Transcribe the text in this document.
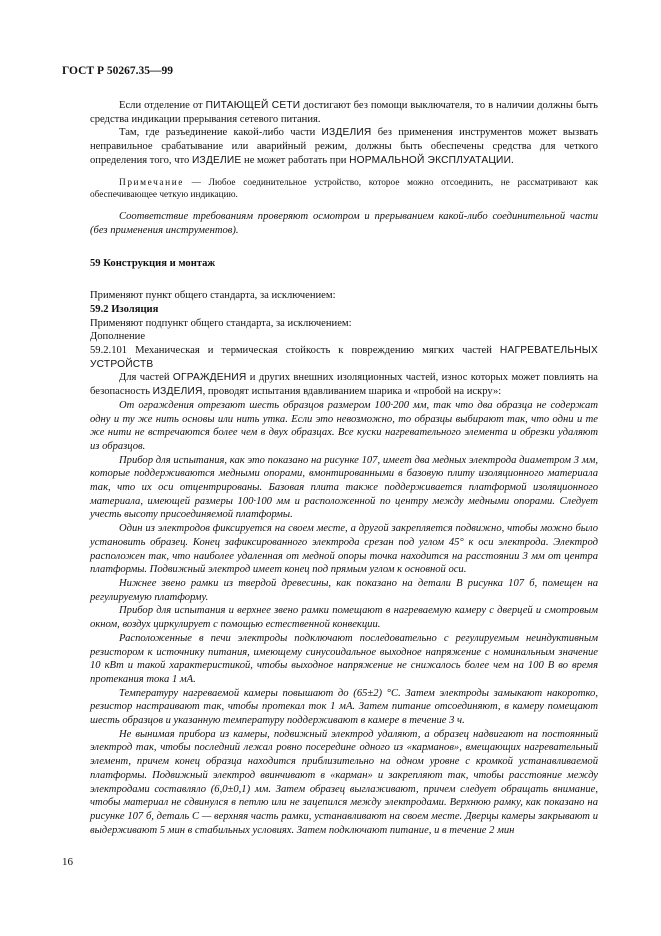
ГОСТ Р 50267.35—99

Если отделение от ПИТАЮЩЕЙ СЕТИ достигают без помощи выключателя, то в наличии должны быть средства индикации прерывания сетевого питания.

Там, где разъединение какой-либо части ИЗДЕЛИЯ без применения инструментов может вызвать неправильное срабатывание или аварийный режим, должны быть обеспечены средства для четкого определения того, что ИЗДЕЛИЕ не может работать при НОРМАЛЬНОЙ ЭКСПЛУАТАЦИИ.

Примечание — Любое соединительное устройство, которое можно отсоединить, не рассматривают как обеспечивающее четкую индикацию.

Соответствие требованиям проверяют осмотром и прерыванием какой-либо соединительной части (без применения инструментов).

59 Конструкция и монтаж

Применяют пункт общего стандарта, за исключением:

59.2 Изоляция

Применяют подпункт общего стандарта, за исключением:

Дополнение

59.2.101 Механическая и термическая стойкость к повреждению мягких частей НАГРЕВАТЕЛЬНЫХ УСТРОЙСТВ

Для частей ОГРАЖДЕНИЯ и других внешних изоляционных частей, износ которых может повлиять на безопасность ИЗДЕЛИЯ, проводят испытания вдавливанием шарика и «пробой на искру»:

От ограждения отрезают шесть образцов размером 100·200 мм, так что два образца не содержат одну и ту же нить основы или нить утка. Если это невозможно, то образцы выбирают так, что одни и те же нити не встречаются более чем в двух образцах. Все куски нагревательного элемента и обрезки удаляют из образцов.

Прибор для испытания, как это показано на рисунке 107, имеет два медных электрода диаметром 3 мм, которые поддерживаются медными опорами, вмонтированными в базовую плиту изоляционного материала так, что их оси отцентрированы. Базовая плита также поддерживается платформой изоляционного материала, имеющей размеры 100·100 мм и расположенной по центру между медными опорами. Следует учесть высоту присоединяемой платформы.

Один из электродов фиксируется на своем месте, а другой закрепляется подвижно, чтобы можно было установить образец. Конец зафиксированного электрода срезан под углом 45° к оси электрода. Электрод расположен так, что наиболее удаленная от медной опоры точка находится на расстоянии 3 мм от центра платформы. Подвижный электрод имеет конец под прямым углом к основной оси.

Нижнее звено рамки из твердой древесины, как показано на детали В рисунка 107 б, помещен на регулируемую платформу.

Прибор для испытания и верхнее звено рамки помещают в нагреваемую камеру с дверцей и смотровым окном, воздух циркулирует с помощью естественной конвекции.

Расположенные в печи электроды подключают последовательно с регулируемым неиндуктивным резистором к источнику питания, имеющему синусоидальное выходное напряжение с номинальным значение 10 кВт и такой характеристикой, чтобы выходное напряжение не снижалось более чем на 100 В во время протекания тока 1 мА.

Температуру нагреваемой камеры повышают до (65±2) °С. Затем электроды замыкают накоротко, резистор настраивают так, чтобы протекал ток 1 мА. Затем питание отсоединяют, в камеру помещают шесть образцов и указанную температуру поддерживают в камере в течение 3 ч.

Не вынимая прибора из камеры, подвижный электрод удаляют, а образец надвигают на постоянный электрод так, чтобы последний лежал ровно посередине одного из «карманов», вмещающих нагревательный элемент, причем конец образца находится приблизительно на одном уровне с кромкой устанавливаемой платформы. Подвижный электрод ввинчивают в «карман» и закрепляют так, чтобы расстояние между электродами составляло (6,0±0,1) мм. Затем образец выглаживают, причем следует обращать внимание, чтобы материал не сдвинулся в петлю или не зацепился между электродами. Верхнюю рамку, как показано на рисунке 107 б, деталь С — верхняя часть рамки, устанавливают на своем месте. Дверцы камеры закрывают и выдерживают 5 мин в стабильных условиях. Затем подключают питание, и в течение 2 мин

16
